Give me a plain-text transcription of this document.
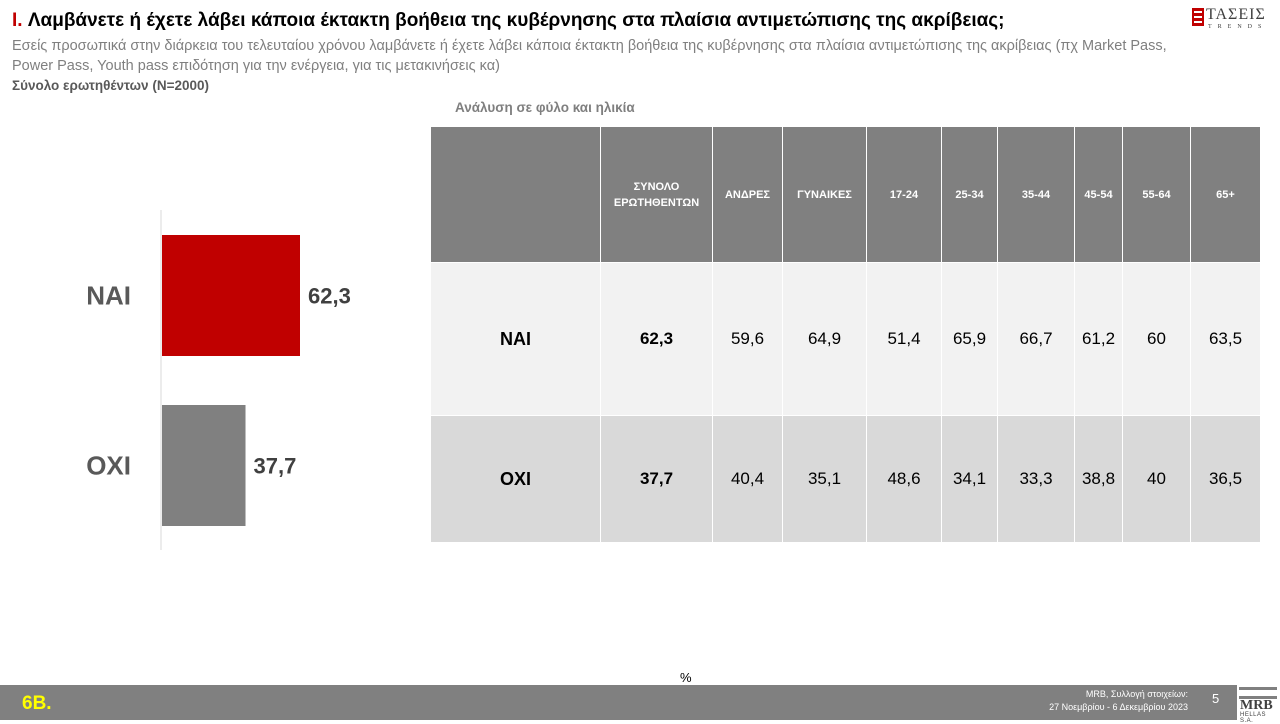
I. Λαμβάνετε ή έχετε λάβει κάποια έκτακτη βοήθεια της κυβέρνησης στα πλαίσια αντιμετώπισης της ακρίβειας;
Εσείς προσωπικά στην διάρκεια του τελευταίου χρόνου λαμβάνετε ή έχετε λάβει κάποια έκτακτη βοήθεια της κυβέρνησης στα πλαίσια αντιμετώπισης της ακρίβειας (πχ Market Pass, Power Pass, Youth pass επιδότηση για την ενέργεια, για τις μετακινήσεις κα)
Σύνολο ερωτηθέντων (N=2000)
ΤΑΣΕΙΣ
TRENDS
ΝΑΙ	62,3
ΟΧΙ	37,7
Ανάλυση σε φύλο και ηλικία
	ΣΥΝΟΛΟ ΕΡΩΤΗΘΕΝΤΩΝ	ΑΝΔΡΕΣ	ΓΥΝΑΙΚΕΣ	17-24	25-34	35-44	45-54	55-64	65+
ΝΑΙ	62,3	59,6	64,9	51,4	65,9	66,7	61,2	60	63,5
ΟΧΙ	37,7	40,4	35,1	48,6	34,1	33,3	38,8	40	36,5
%
6Β.	MRB, Συλλογή στοιχείων:
27 Νοεμβρίου - 6 Δεκεμβρίου 2023
5 MRB
HELLAS S.A.
